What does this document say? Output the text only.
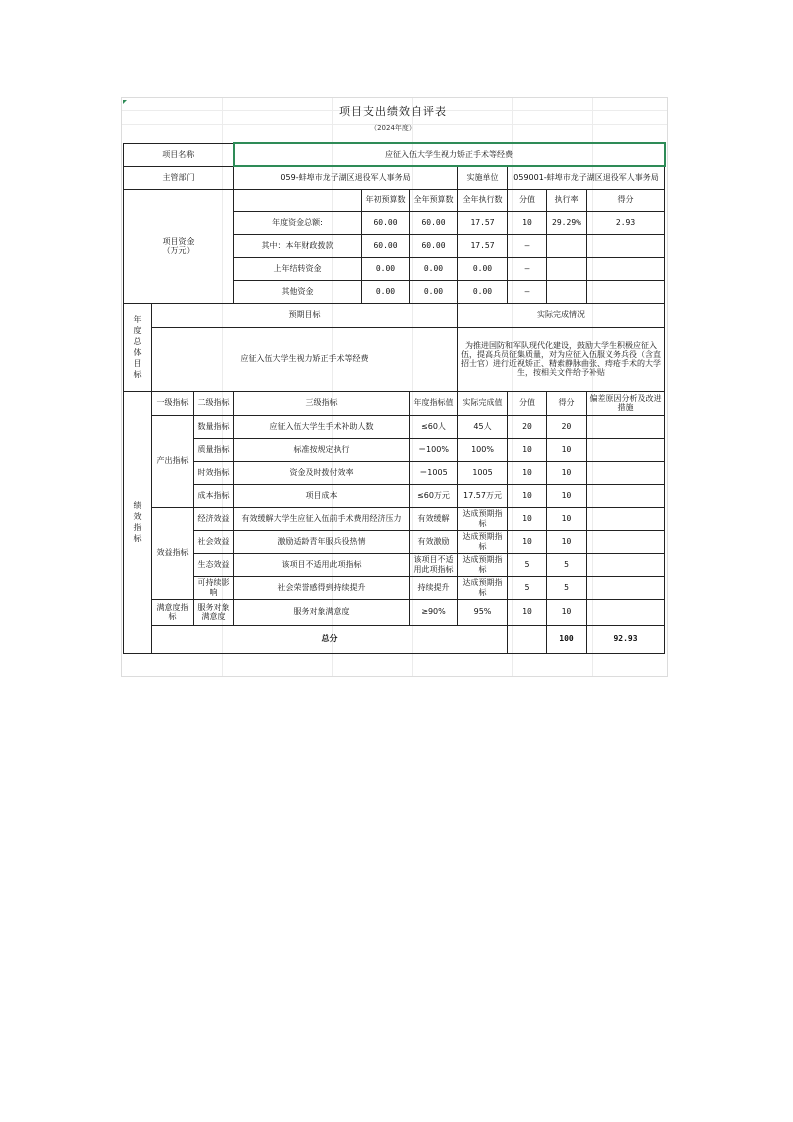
项目支出绩效自评表
（2024年度）
项目名称			应征入伍大学生视力矫正手术等经费							
主管部门			059-蚌埠市龙子湖区退役军人事务局			实施单位	059001-蚌埠市龙子湖区退役军人事务局			
项目资金
（万元）				年初预算数	全年预算数	全年执行数	分值	执行率	得分	
			年度资金总额:	60.00	60.00	17.57	10	29.29%	2.93	
			其中：本年财政拨款	60.00	60.00	17.57	—			
			上年结转资金	0.00	0.00	0.00	—			
			其他资金	0.00	0.00	0.00	—			

年度总体目标	预期目标					实际完成情况				
	应征入伍大学生视力矫正手术等经费					为推进国防和军队现代化建设，鼓励大学生积极应征入伍，提高兵员征集质量，对为应征入伍服义务兵役（含直招士官）进行近视矫正、精索静脉曲张、痔疮手术的大学生，按相关文件给予补贴				

绩效指标	一级指标	二级指标	三级指标		年度指标值	实际完成值	分值	得分	偏差原因分析及改进措施	
	产出指标	数量指标	应征入伍大学生手术补助人数		≤60人	45人	20	20		
		质量指标	标准按规定执行		＝100%	100%	10	10		
		时效指标	资金及时拨付效率		＝1005	1005	10	10		
		成本指标	项目成本		≤60万元	17.57万元	10	10		
	效益指标	经济效益	有效缓解大学生应征入伍前手术费用经济压力		有效缓解	达成预期指标	10	10		
		社会效益	激励适龄青年服兵役热情		有效激励	达成预期指标	10	10		
		生态效益	该项目不适用此项指标		该项目不适用此项指标	达成预期指标	5	5		
		可持续影响	社会荣誉感得到持续提升		持续提升	达成预期指标	5	5		
	满意度指标	服务对象满意度	服务对象满意度		≥90%	95%	10	10		
	总分							100	92.93	
